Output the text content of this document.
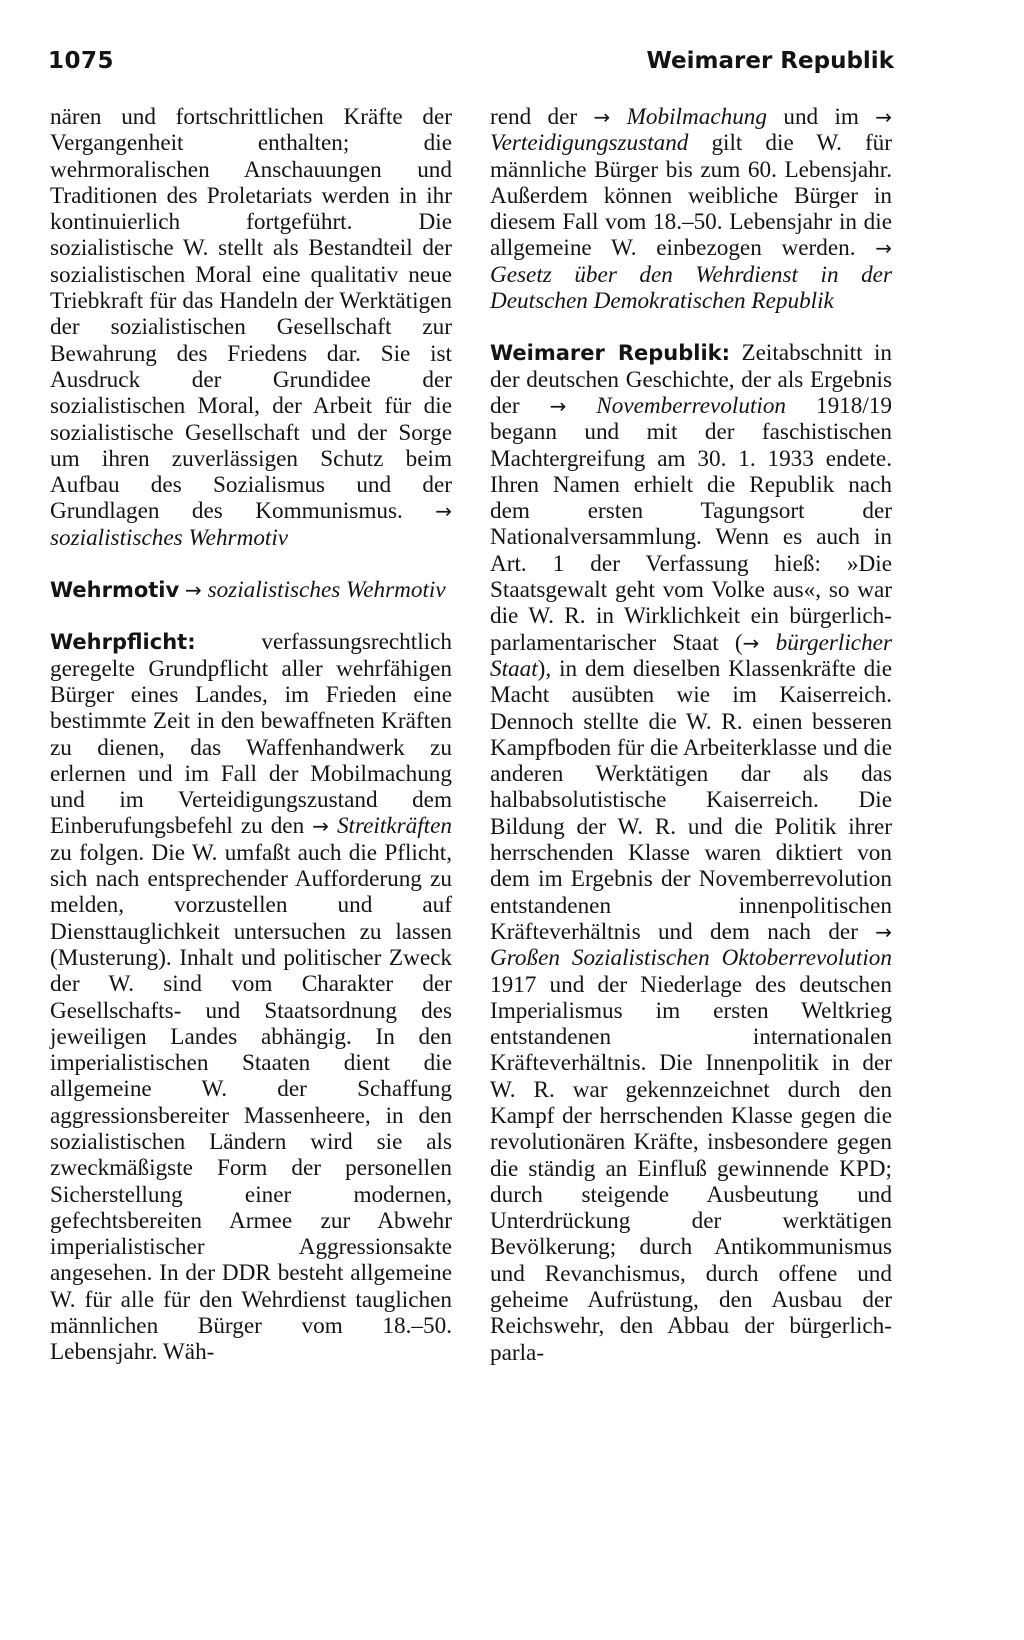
1075	Weimarer Republik

nären und fortschrittlichen Kräfte der Vergangenheit enthalten; die wehrmoralischen Anschauungen und Traditionen des Proletariats werden in ihr kontinuierlich fortgeführt. Die sozialistische W. stellt als Bestandteil der sozialistischen Moral eine qualitativ neue Triebkraft für das Handeln der Werktätigen der sozialistischen Gesellschaft zur Bewahrung des Friedens dar. Sie ist Ausdruck der Grundidee der sozialistischen Moral, der Arbeit für die sozialistische Gesellschaft und der Sorge um ihren zuverlässigen Schutz beim Aufbau des Sozialismus und der Grundlagen des Kommunismus. → sozialistisches Wehrmotiv

Wehrmotiv → sozialistisches Wehrmotiv

Wehrpflicht:	verfassungsrechtlich geregelte Grundpflicht aller wehrfähigen Bürger eines Landes, im Frieden eine bestimmte Zeit in den bewaffneten Kräften zu dienen, das Waffenhandwerk zu erlernen und im Fall der Mobilmachung und im Verteidigungszustand dem Einberufungsbefehl zu den → Streitkräften zu folgen. Die W. umfaßt auch die Pflicht, sich nach entsprechender Aufforderung zu melden, vorzustellen und auf Diensttauglichkeit untersuchen zu lassen (Musterung). Inhalt und politischer Zweck der W. sind vom Charakter der Gesellschafts- und Staatsordnung des jeweiligen Landes abhängig. In den imperialistischen Staaten dient die allgemeine W. der Schaffung aggressionsbereiter Massenheere, in den sozialistischen Ländern wird sie als zweckmäßigste Form der personellen Sicherstellung einer modernen, gefechtsbereiten Armee zur Abwehr imperialistischer Aggressionsakte angesehen. In der DDR besteht allgemeine W. für alle für den Wehrdienst tauglichen männlichen Bürger vom 18.–50. Lebensjahr. Wäh-

rend der → Mobilmachung und im → Verteidigungszustand gilt die W. für männliche Bürger bis zum 60. Lebensjahr. Außerdem können weibliche Bürger in diesem Fall vom 18.–50. Lebensjahr in die allgemeine W. einbezogen werden. → Gesetz über den Wehrdienst in der Deutschen Demokratischen Republik

Weimarer Republik: Zeitabschnitt in der deutschen Geschichte, der als Ergebnis der → Novemberrevolution 1918/19 begann und mit der faschistischen Machtergreifung am 30. 1. 1933 endete. Ihren Namen erhielt die Republik nach dem ersten Tagungsort der Nationalversammlung. Wenn es auch in Art. 1 der Verfassung hieß: »Die Staatsgewalt geht vom Volke aus«, so war die W. R. in Wirklichkeit ein bürgerlich-parlamentarischer Staat (→ bürgerlicher Staat), in dem dieselben Klassenkräfte die Macht ausübten wie im Kaiserreich. Dennoch stellte die W. R. einen besseren Kampfboden für die Arbeiterklasse und die anderen Werktätigen dar als das halbabsolutistische Kaiserreich. Die Bildung der W. R. und die Politik ihrer herrschenden Klasse waren diktiert von dem im Ergebnis der Novemberrevolution entstandenen innenpolitischen Kräfteverhältnis und dem nach der → Großen Sozialistischen Oktoberrevolution 1917 und der Niederlage des deutschen Imperialismus im ersten Weltkrieg entstandenen internationalen Kräfteverhältnis. Die Innenpolitik in der W. R. war gekennzeichnet durch den Kampf der herrschenden Klasse gegen die revolutionären Kräfte, insbesondere gegen die ständig an Einfluß gewinnende KPD; durch steigende Ausbeutung und Unterdrückung der werktätigen Bevölkerung; durch Antikommunismus und Revanchismus, durch offene und geheime Aufrüstung, den Ausbau der Reichswehr, den Abbau der bürgerlich-parla-
